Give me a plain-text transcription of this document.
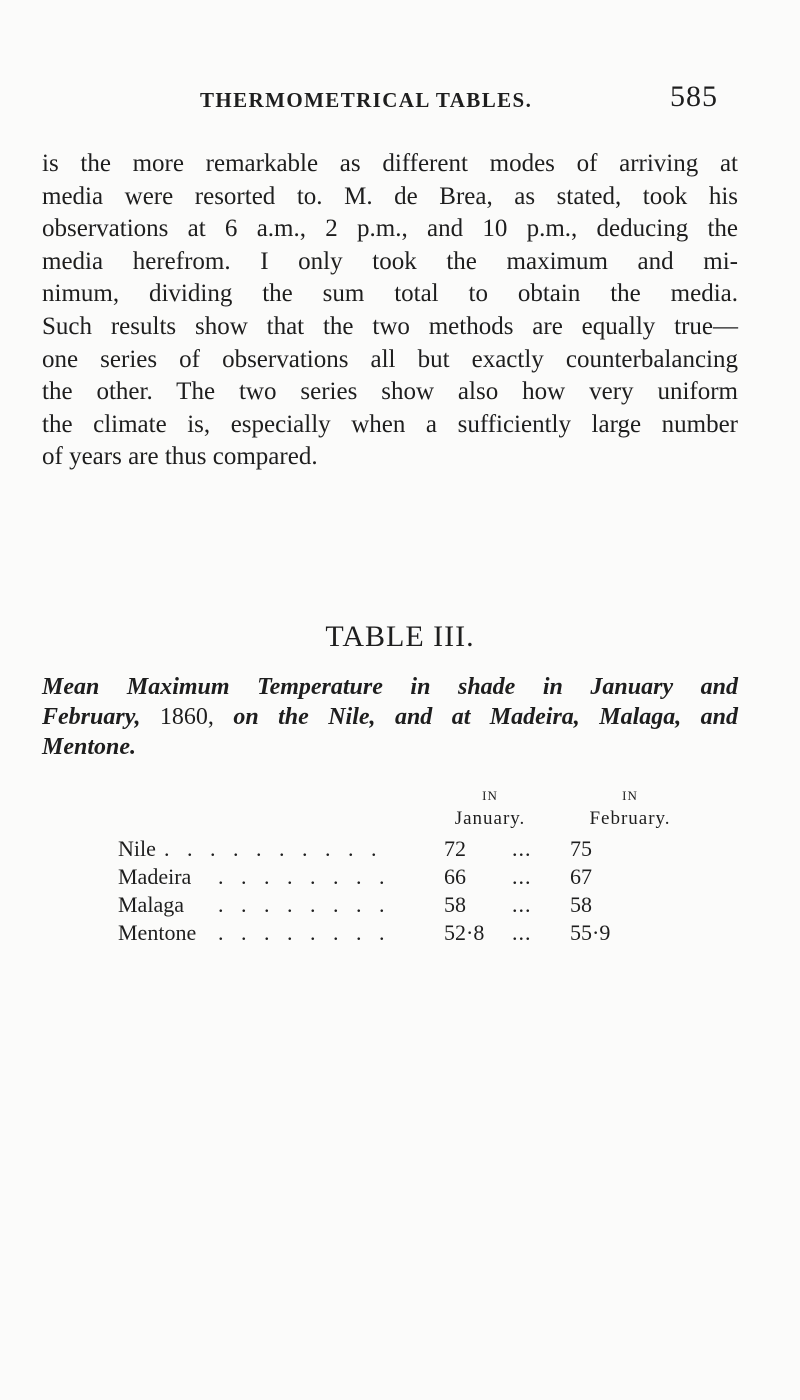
THERMOMETRICAL TABLES.	585
is the more remarkable as different modes of arriving at
media were resorted to. M. de Brea, as stated, took his
observations at 6 a.m., 2 p.m., and 10 p.m., deducing the
media herefrom. I only took the maximum and mi-
nimum, dividing the sum total to obtain the media.
Such results show that the two methods are equally true—
one series of observations all but exactly counterbalancing
the other. The two series show also how very uniform
the climate is, especially when a sufficiently large number
of years are thus compared.
TABLE III.
Mean Maximum Temperature in shade in January and
February, 1860, on the Nile, and at Madeira, Malaga, and
Mentone.
IN
January.
IN
February.
Nile . . . . . . . . . .	72 ... 75
Madeira . . . . . . . . 66 ... 67
Malaga . . . . . . . . 58 ... 58
Mentone . . . . . . . . 52·8 ... 55·9
